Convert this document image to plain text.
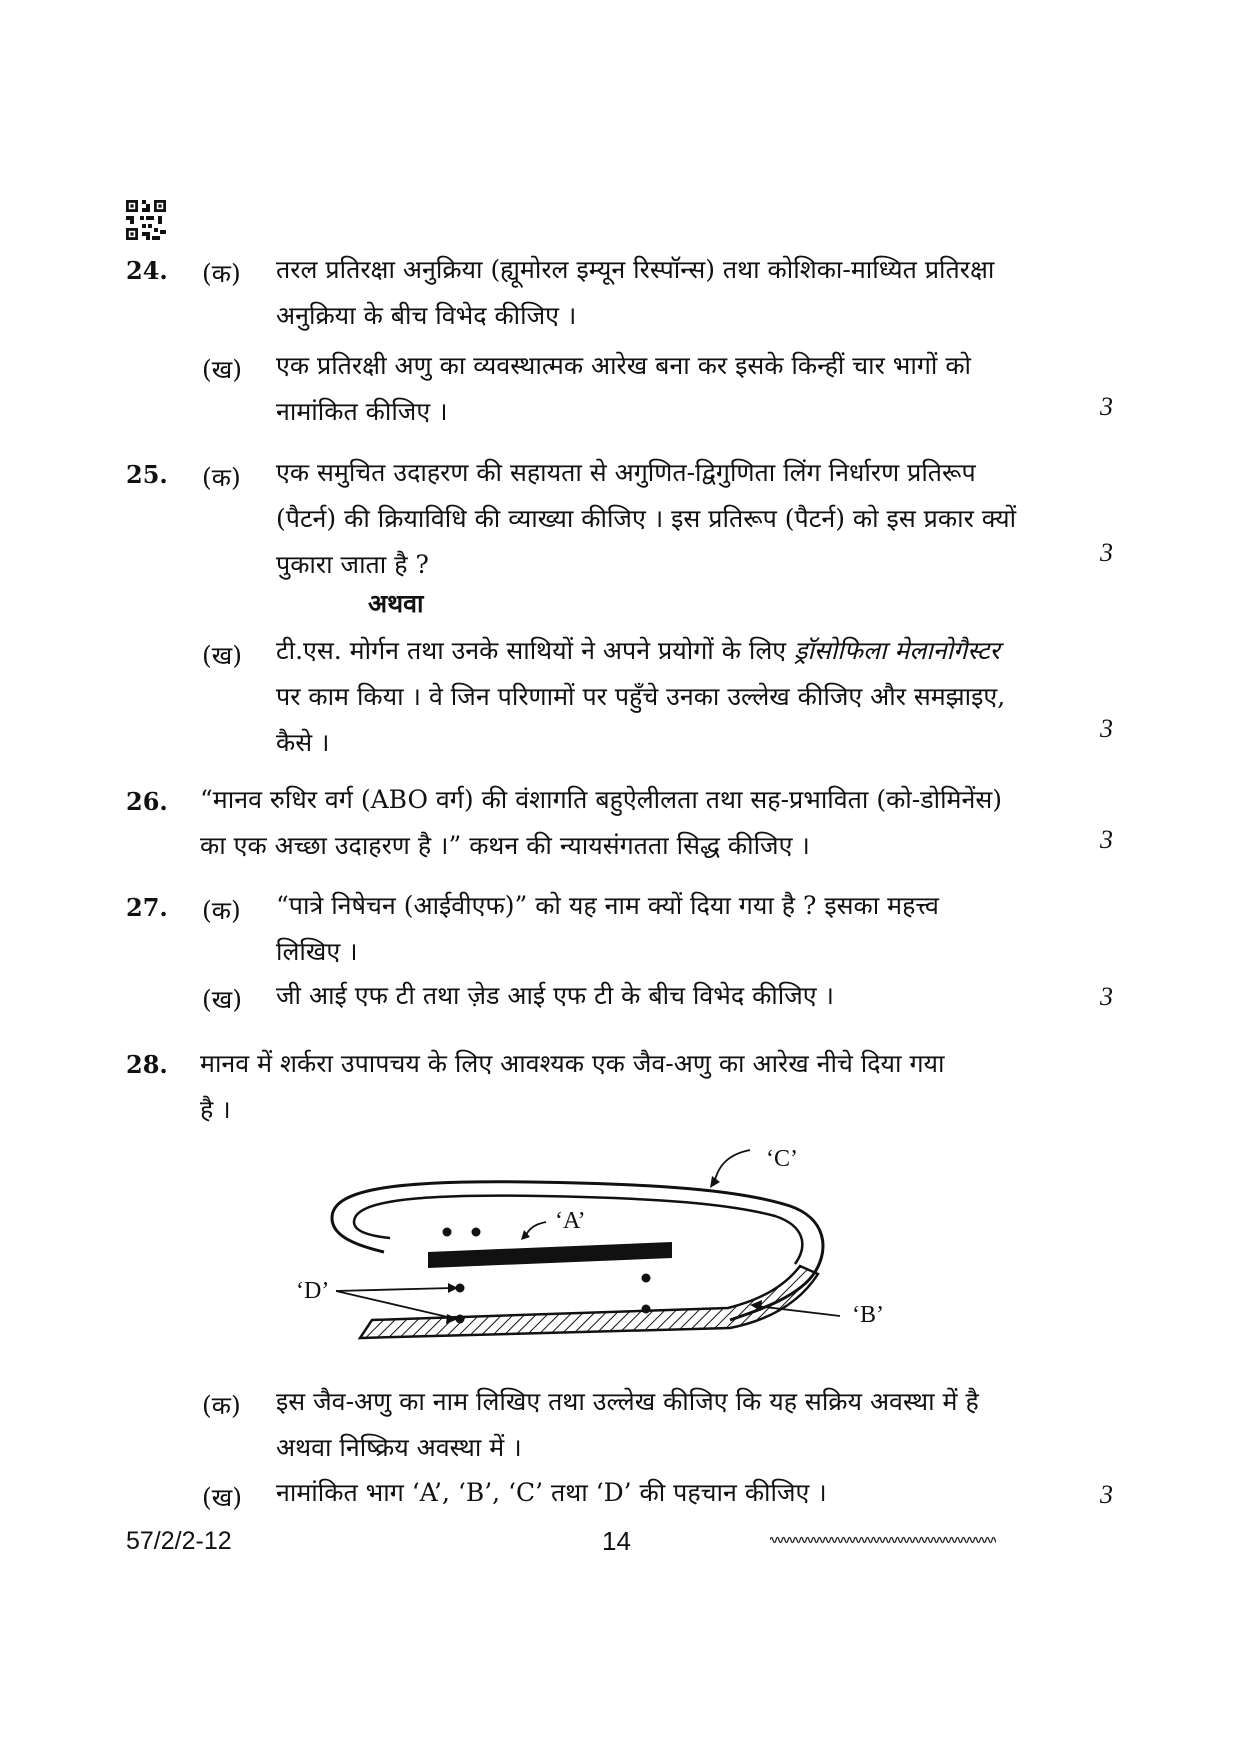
24. (क) तरल प्रतिरक्षा अनुक्रिया (ह्यूमोरल इम्यून रिस्पॉन्स) तथा कोशिका-माध्यित प्रतिरक्षा
अनुक्रिया के बीच विभेद कीजिए ।
(ख) एक प्रतिरक्षी अणु का व्यवस्थात्मक आरेख बना कर इसके किन्हीं चार भागों को
नामांकित कीजिए ।	3
25. (क) एक समुचित उदाहरण की सहायता से अगुणित-द्विगुणिता लिंग निर्धारण प्रतिरूप
(पैटर्न) की क्रियाविधि की व्याख्या कीजिए । इस प्रतिरूप (पैटर्न) को इस प्रकार क्यों
पुकारा जाता है ?	3
अथवा
(ख) टी.एस. मोर्गन तथा उनके साथियों ने अपने प्रयोगों के लिए ड्रॉसोफिला मेलानोगैस्टर
पर काम किया । वे जिन परिणामों पर पहुँचे उनका उल्लेख कीजिए और समझाइए,
कैसे ।	3
26. “मानव रुधिर वर्ग (ABO वर्ग) की वंशागति बहुऐलीलता तथा सह-प्रभाविता (को-डोमिनेंस)
का एक अच्छा उदाहरण है ।” कथन की न्यायसंगतता सिद्ध कीजिए ।	3
27. (क) “पात्रे निषेचन (आईवीएफ)” को यह नाम क्यों दिया गया है ? इसका महत्त्व
लिखिए ।
(ख) जी आई एफ टी तथा ज़ेड आई एफ टी के बीच विभेद कीजिए ।	3
28. मानव में शर्करा उपापचय के लिए आवश्यक एक जैव-अणु का आरेख नीचे दिया गया
है ।
‘A’
‘C’
‘B’
‘D’
(क) इस जैव-अणु का नाम लिखिए तथा उल्लेख कीजिए कि यह सक्रिय अवस्था में है
अथवा निष्क्रिय अवस्था में ।
(ख) नामांकित भाग ‘A’, ‘B’, ‘C’ तथा ‘D’ की पहचान कीजिए ।	3
57/2/2-12	14
